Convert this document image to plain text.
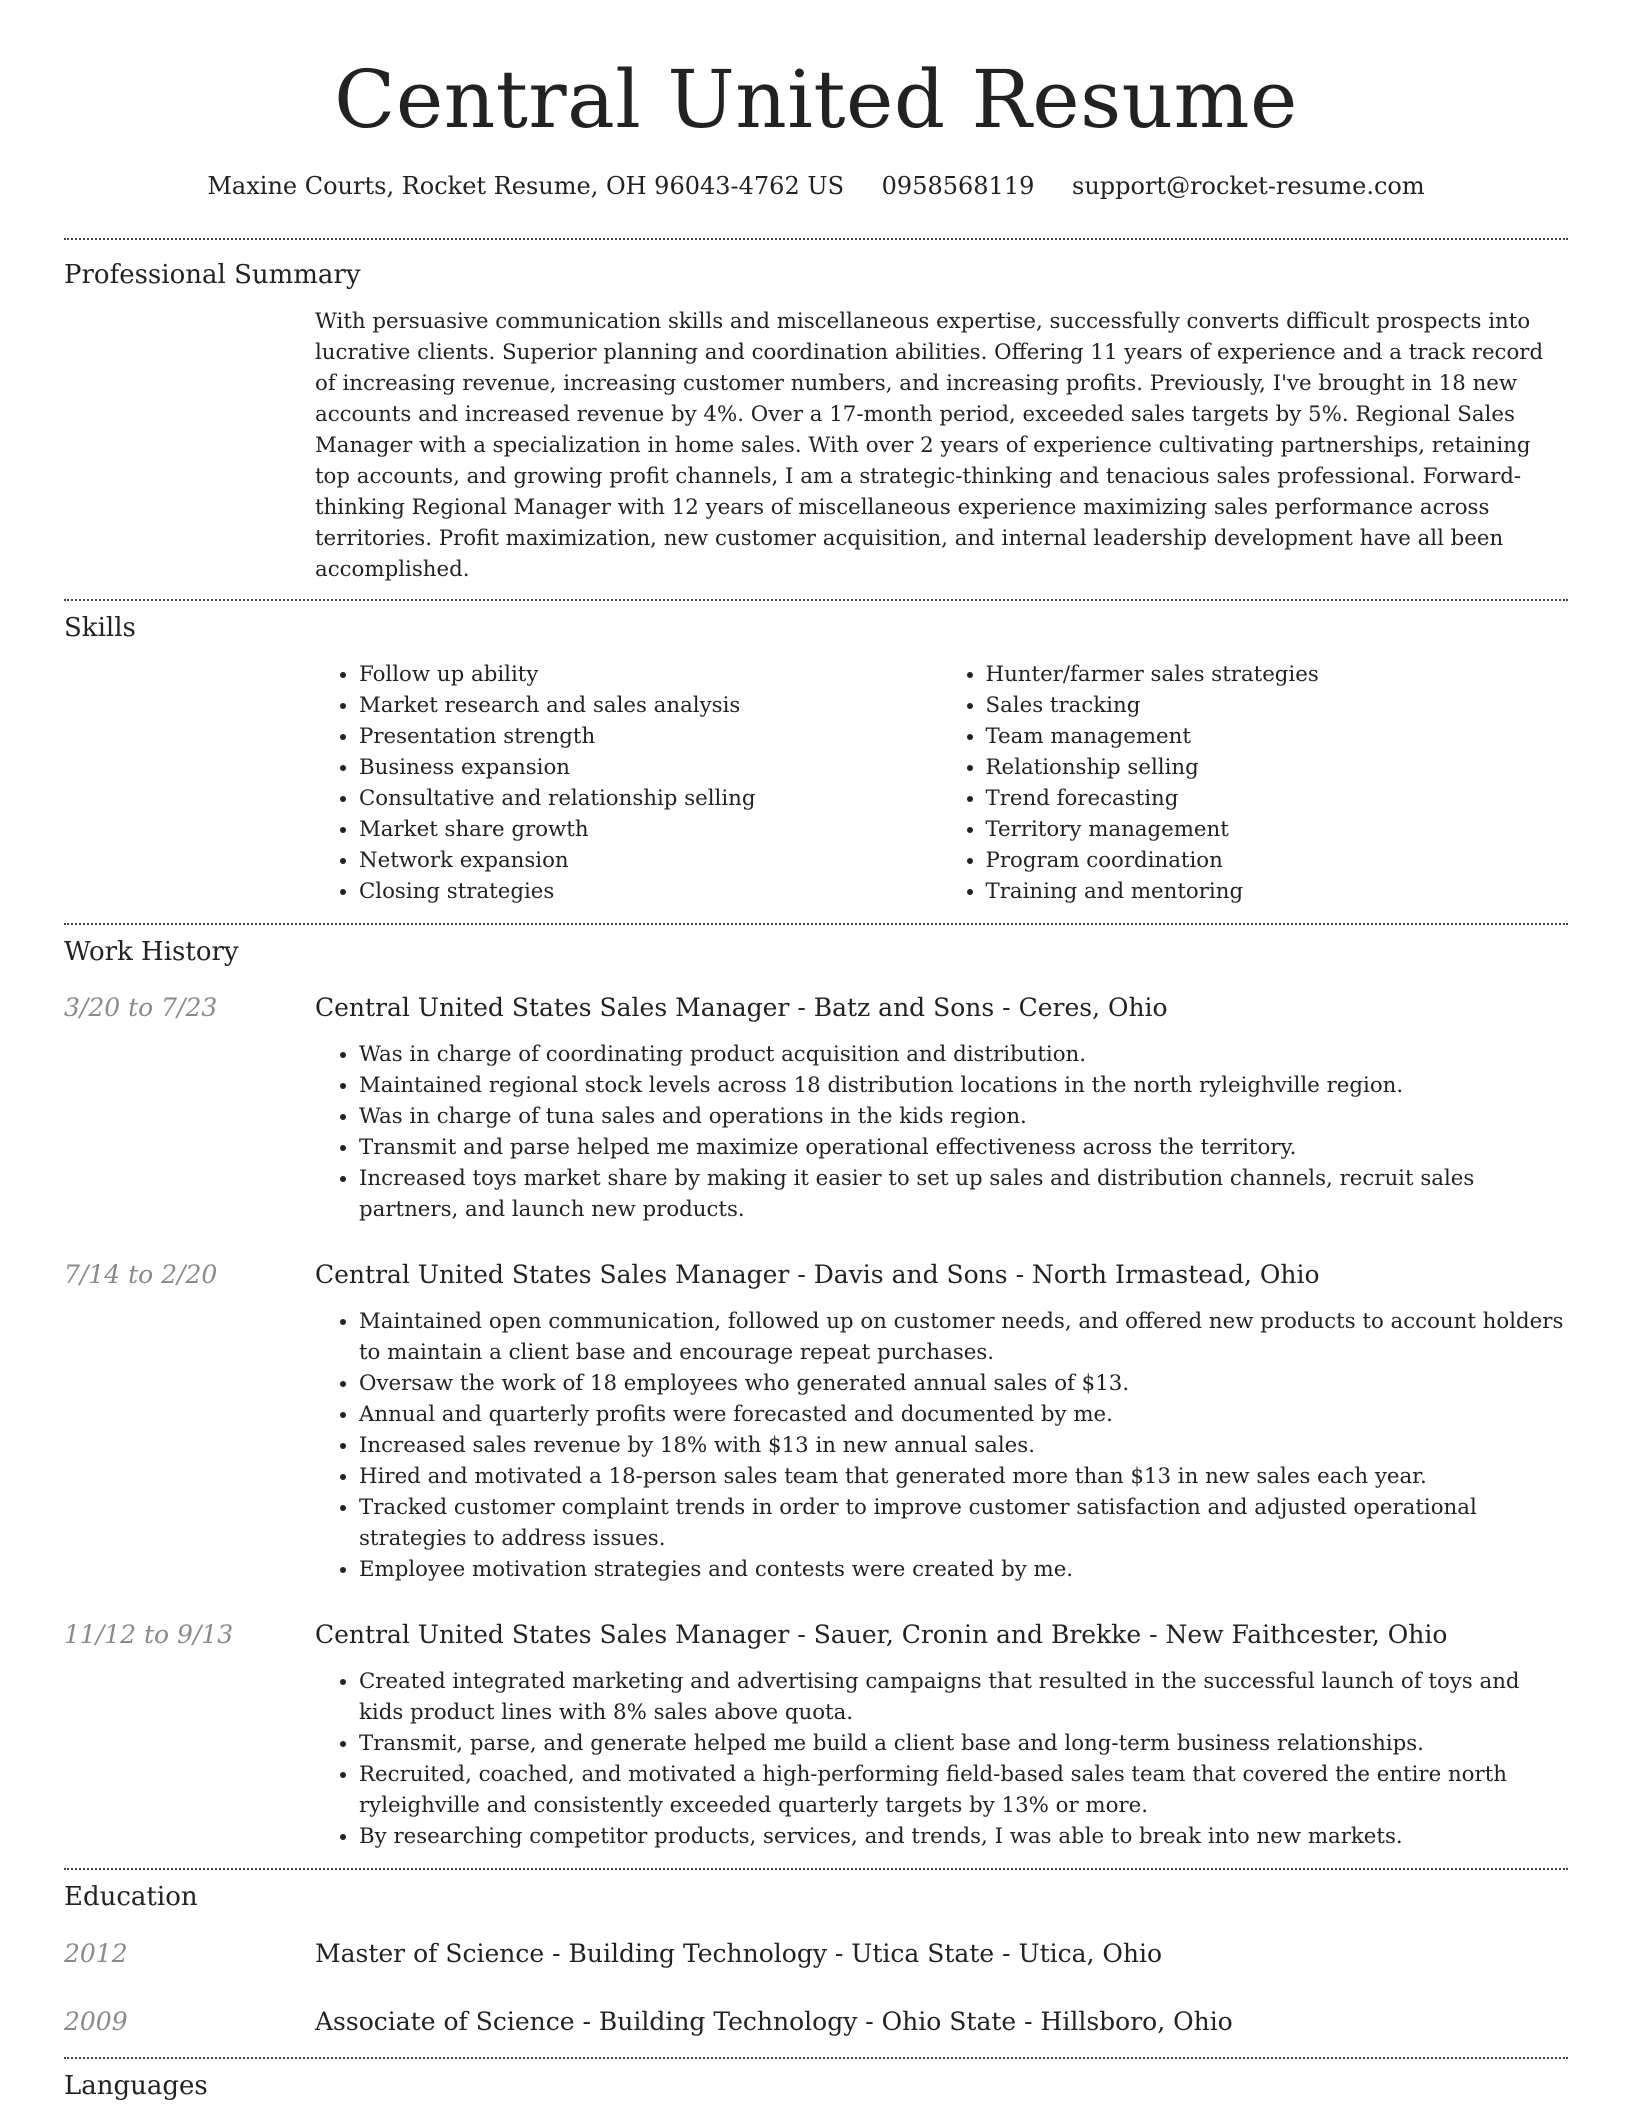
Central United Resume
Maxine Courts, Rocket Resume, OH 96043-4762 US 0958568119 support@rocket-resume.com
Professional Summary

With persuasive communication skills and miscellaneous expertise, successfully converts difficult prospects into lucrative clients. Superior planning and coordination abilities. Offering 11 years of experience and a track record of increasing revenue, increasing customer numbers, and increasing profits. Previously, I've brought in 18 new accounts and increased revenue by 4%. Over a 17-month period, exceeded sales targets by 5%. Regional Sales Manager with a specialization in home sales. With over 2 years of experience cultivating partnerships, retaining top accounts, and growing profit channels, I am a strategic-thinking and tenacious sales professional. Forward-thinking Regional Manager with 12 years of miscellaneous experience maximizing sales performance across territories. Profit maximization, new customer acquisition, and internal leadership development have all been accomplished.

Skills
• Follow up ability
• Market research and sales analysis
• Presentation strength
• Business expansion
• Consultative and relationship selling
• Market share growth
• Network expansion
• Closing strategies
• Hunter/farmer sales strategies
• Sales tracking
• Team management
• Relationship selling
• Trend forecasting
• Territory management
• Program coordination
• Training and mentoring
Work History
3/20 to 7/23	Central United States Sales Manager - Batz and Sons - Ceres, Ohio
• Was in charge of coordinating product acquisition and distribution.
• Maintained regional stock levels across 18 distribution locations in the north ryleighville region.
• Was in charge of tuna sales and operations in the kids region.
• Transmit and parse helped me maximize operational effectiveness across the territory.
• Increased toys market share by making it easier to set up sales and distribution channels, recruit sales partners, and launch new products.
7/14 to 2/20	Central United States Sales Manager - Davis and Sons - North Irmastead, Ohio
• Maintained open communication, followed up on customer needs, and offered new products to account holders to maintain a client base and encourage repeat purchases.
• Oversaw the work of 18 employees who generated annual sales of $13.
• Annual and quarterly profits were forecasted and documented by me.
• Increased sales revenue by 18% with $13 in new annual sales.
• Hired and motivated a 18-person sales team that generated more than $13 in new sales each year.
• Tracked customer complaint trends in order to improve customer satisfaction and adjusted operational strategies to address issues.
• Employee motivation strategies and contests were created by me.
11/12 to 9/13	Central United States Sales Manager - Sauer, Cronin and Brekke - New Faithcester, Ohio
• Created integrated marketing and advertising campaigns that resulted in the successful launch of toys and kids product lines with 8% sales above quota.
• Transmit, parse, and generate helped me build a client base and long-term business relationships.
• Recruited, coached, and motivated a high-performing field-based sales team that covered the entire north ryleighville and consistently exceeded quarterly targets by 13% or more.
• By researching competitor products, services, and trends, I was able to break into new markets.
Education
2012	Master of Science - Building Technology - Utica State - Utica, Ohio
2009	Associate of Science - Building Technology - Ohio State - Hillsboro, Ohio
Languages
